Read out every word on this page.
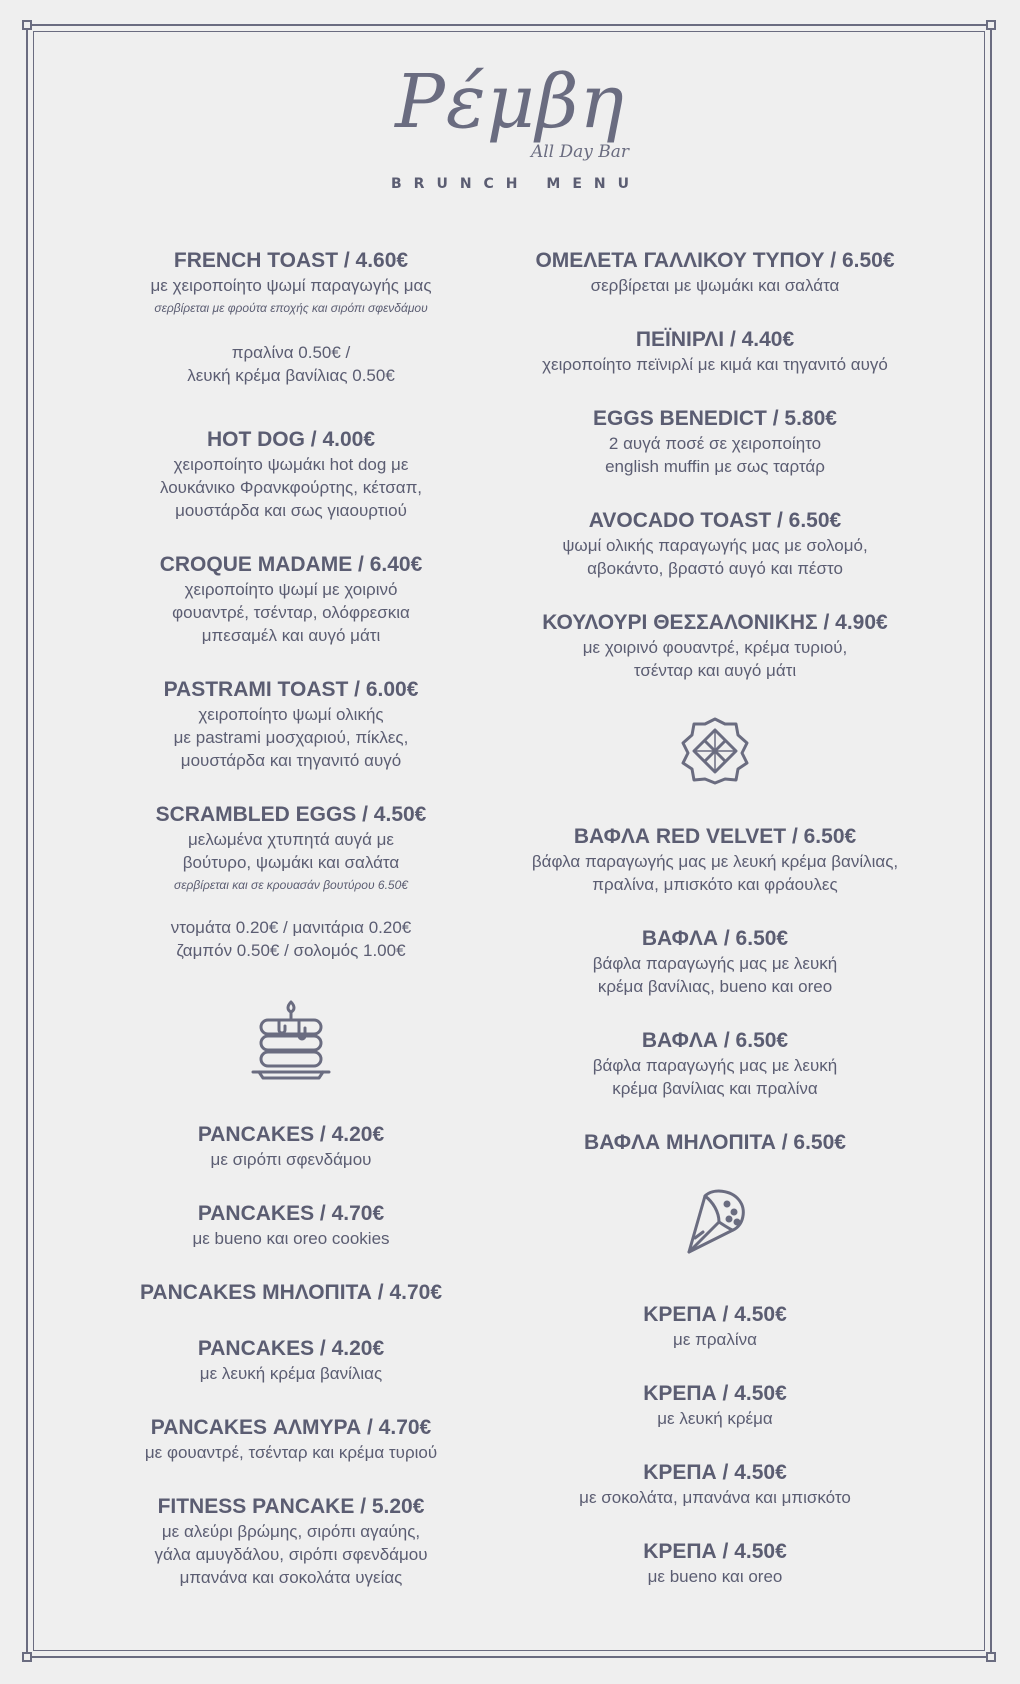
Ρέμβη
All Day Bar
BRUNCH MENU
FRENCH TOAST / 4.60€
με χειροποίητο ψωμί παραγωγής μας
σερβίρεται με φρούτα εποχής και σιρόπι σφενδάμου
πραλίνα 0.50€ /
λευκή κρέμα βανίλιας 0.50€
HOT DOG / 4.00€
χειροποίητο ψωμάκι hot dog με
λουκάνικο Φρανκφούρτης, κέτσαπ,
μουστάρδα και σως γιαουρτιού
CROQUE MADAME / 6.40€
χειροποίητο ψωμί με χοιρινό
φουαντρέ, τσένταρ, ολόφρεσκια
μπεσαμέλ και αυγό μάτι
PASTRAMI TOAST / 6.00€
χειροποίητο ψωμί ολικής
με pastrami μοσχαριού, πίκλες,
μουστάρδα και τηγανιτό αυγό
SCRAMBLED EGGS / 4.50€
μελωμένα χτυπητά αυγά με
βούτυρο, ψωμάκι και σαλάτα
σερβίρεται και σε κρουασάν βουτύρου 6.50€
ντομάτα 0.20€ / μανιτάρια 0.20€
ζαμπόν 0.50€ / σολομός 1.00€
PANCAKES / 4.20€
με σιρόπι σφενδάμου
PANCAKES / 4.70€
με bueno και oreo cookies
PANCAKES ΜΗΛΟΠΙΤΑ / 4.70€
PANCAKES / 4.20€
με λευκή κρέμα βανίλιας
PANCAKES ΑΛΜΥΡΑ / 4.70€
με φουαντρέ, τσένταρ και κρέμα τυριού
FITNESS PANCAKE / 5.20€
με αλεύρι βρώμης, σιρόπι αγαύης,
γάλα αμυγδάλου, σιρόπι σφενδάμου
μπανάνα και σοκολάτα υγείας
ΟΜΕΛΕΤΑ ΓΑΛΛΙΚΟΥ ΤΥΠΟΥ / 6.50€
σερβίρεται με ψωμάκι και σαλάτα
ΠΕΪΝΙΡΛΙ / 4.40€
χειροποίητο πεϊνιρλί με κιμά και τηγανιτό αυγό
EGGS BENEDICT / 5.80€
2 αυγά ποσέ σε χειροποίητο
english muffin με σως ταρτάρ
AVOCADO TOAST / 6.50€
ψωμί ολικής παραγωγής μας με σολομό,
αβοκάντο, βραστό αυγό και πέστο
ΚΟΥΛΟΥΡΙ ΘΕΣΣΑΛΟΝΙΚΗΣ / 4.90€
με χοιρινό φουαντρέ, κρέμα τυριού,
τσένταρ και αυγό μάτι
ΒΑΦΛΑ RED VELVET / 6.50€
βάφλα παραγωγής μας με λευκή κρέμα βανίλιας,
πραλίνα, μπισκότο και φράουλες
ΒΑΦΛΑ / 6.50€
βάφλα παραγωγής μας με λευκή
κρέμα βανίλιας, bueno και oreo
ΒΑΦΛΑ / 6.50€
βάφλα παραγωγής μας με λευκή
κρέμα βανίλιας και πραλίνα
ΒΑΦΛΑ ΜΗΛΟΠΙΤΑ / 6.50€
ΚΡΕΠΑ / 4.50€
με πραλίνα
ΚΡΕΠΑ / 4.50€
με λευκή κρέμα
ΚΡΕΠΑ / 4.50€
με σοκολάτα, μπανάνα και μπισκότο
ΚΡΕΠΑ / 4.50€
με bueno και oreo
